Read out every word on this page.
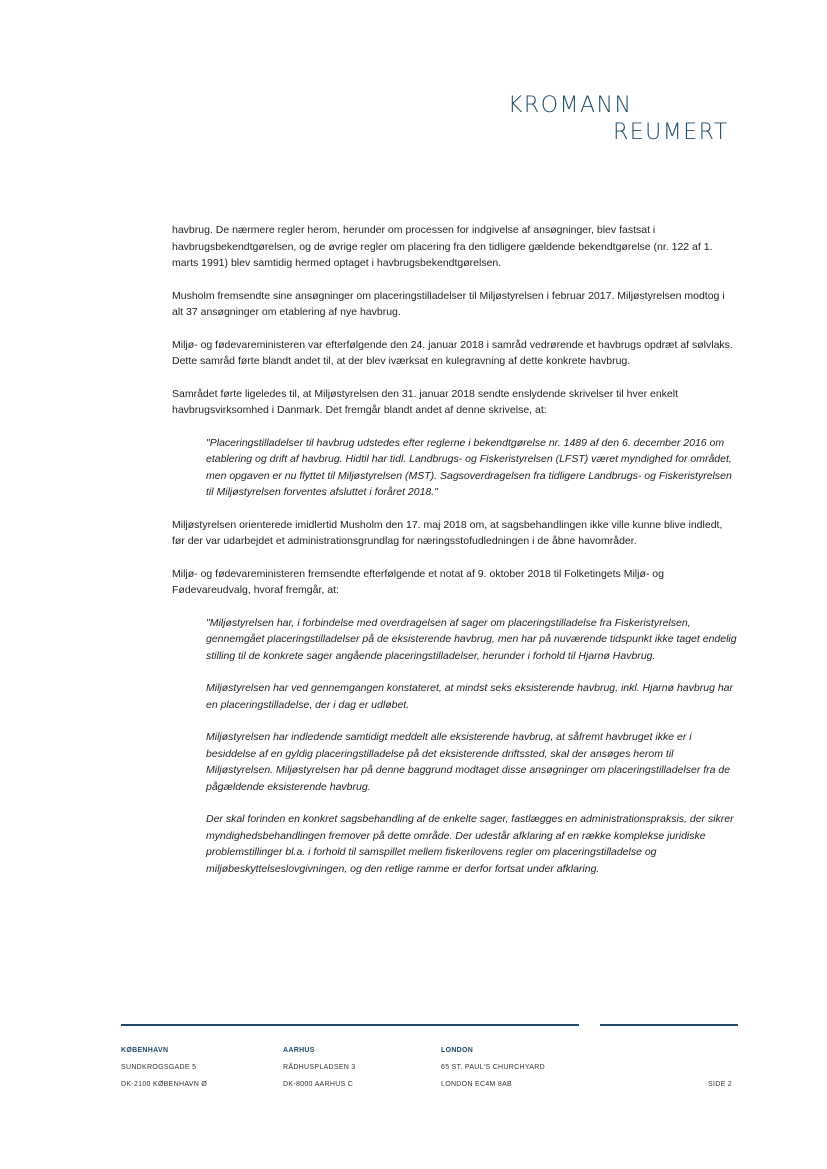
KROMANN
REUMERT

havbrug. De nærmere regler herom, herunder om processen for indgivelse af ansøgninger, blev fastsat i havbrugsbekendtgørelsen, og de øvrige regler om placering fra den tidligere gældende bekendtgørelse (nr. 122 af 1. marts 1991) blev samtidig hermed optaget i havbrugsbekendtgørelsen.

Musholm fremsendte sine ansøgninger om placeringstilladelser til Miljøstyrelsen i februar 2017. Miljøstyrelsen modtog i alt 37 ansøgninger om etablering af nye havbrug.

Miljø- og fødevareministeren var efterfølgende den 24. januar 2018 i samråd vedrørende et havbrugs opdræt af sølvlaks. Dette samråd førte blandt andet til, at der blev iværksat en kulegravning af dette konkrete havbrug.

Samrådet førte ligeledes til, at Miljøstyrelsen den 31. januar 2018 sendte enslydende skrivelser til hver enkelt havbrugsvirksomhed i Danmark. Det fremgår blandt andet af denne skrivelse, at:

"Placeringstilladelser til havbrug udstedes efter reglerne i bekendtgørelse nr. 1489 af den 6. december 2016 om etablering og drift af havbrug. Hidtil har tidl. Landbrugs- og Fiskeristyrelsen (LFST) været myndighed for området, men opgaven er nu flyttet til Miljøstyrelsen (MST). Sagsoverdragelsen fra tidligere Landbrugs- og Fiskeristyrelsen til Miljøstyrelsen forventes afsluttet i foråret 2018."

Miljøstyrelsen orienterede imidlertid Musholm den 17. maj 2018 om, at sagsbehandlingen ikke ville kunne blive indledt, før der var udarbejdet et administrationsgrundlag for næringsstofudledningen i de åbne havområder.

Miljø- og fødevareministeren fremsendte efterfølgende et notat af 9. oktober 2018 til Folketingets Miljø- og Fødevareudvalg, hvoraf fremgår, at:

"Miljøstyrelsen har, i forbindelse med overdragelsen af sager om placeringstilladelse fra Fiskeristyrelsen, gennemgået placeringstilladelser på de eksisterende havbrug, men har på nuværende tidspunkt ikke taget endelig stilling til de konkrete sager angående placeringstilladelser, herunder i forhold til Hjarnø Havbrug.

Miljøstyrelsen har ved gennemgangen konstateret, at mindst seks eksisterende havbrug, inkl. Hjarnø havbrug har en placeringstilladelse, der i dag er udløbet.

Miljøstyrelsen har indledende samtidigt meddelt alle eksisterende havbrug, at såfremt havbruget ikke er i besiddelse af en gyldig placeringstilladelse på det eksisterende driftssted, skal der ansøges herom til Miljøstyrelsen. Miljøstyrelsen har på denne baggrund modtaget disse ansøgninger om placeringstilladelser fra de pågældende eksisterende havbrug.

Der skal forinden en konkret sagsbehandling af de enkelte sager, fastlægges en administrationspraksis, der sikrer myndighedsbehandlingen fremover på dette område. Der udestår afklaring af en række komplekse juridiske problemstillinger bl.a. i forhold til samspillet mellem fiskerilovens regler om placeringstilladelse og miljøbeskyttelseslovgivningen, og den retlige ramme er derfor fortsat under afklaring.

KØBENHAVN
SUNDKROGSGADE 5
DK-2100 KØBENHAVN Ø
AARHUS
RÅDHUSPLADSEN 3
DK-8000 AARHUS C
LONDON
65 ST. PAUL'S CHURCHYARD
LONDON EC4M 8AB	SIDE 2
